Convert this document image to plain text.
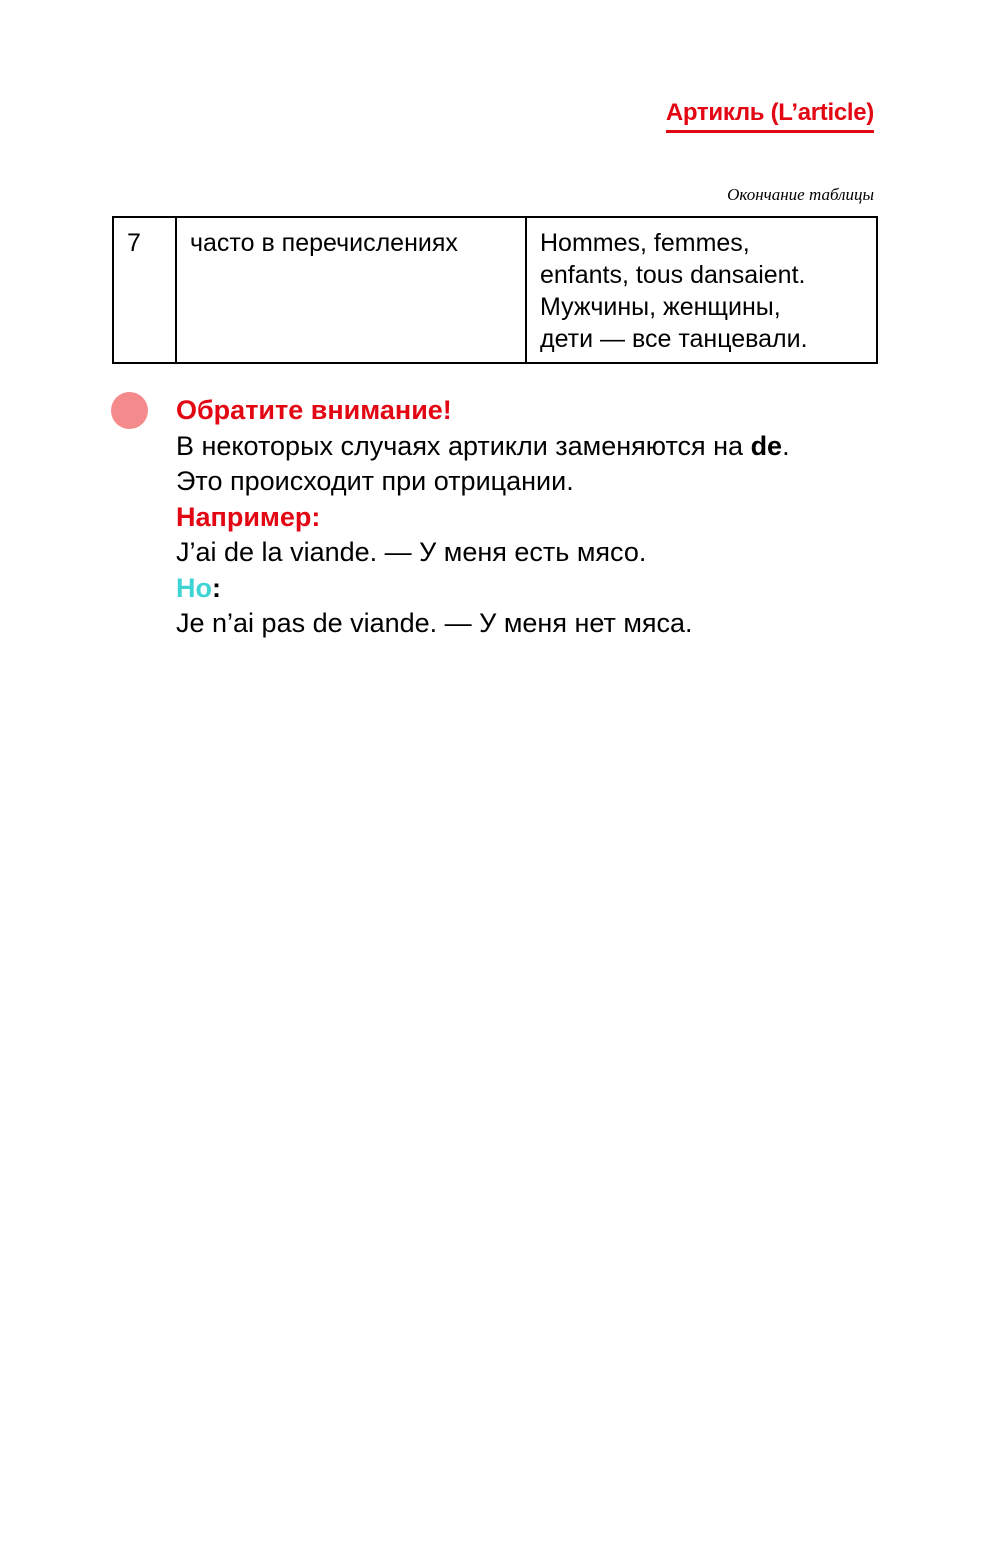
Артикль (L’article)
Окончание таблицы
7	часто в перечислениях	Hommes, femmes,
enfants, tous dansaient.
Мужчины, женщины,
дети — все танцевали.
Обратите внимание!
В некоторых случаях артикли заменяются на de.
Это происходит при отрицании.
Например:
J’ai de la viande. — У меня есть мясо.
Но:
Je n’ai pas de viande. — У меня нет мяса.
